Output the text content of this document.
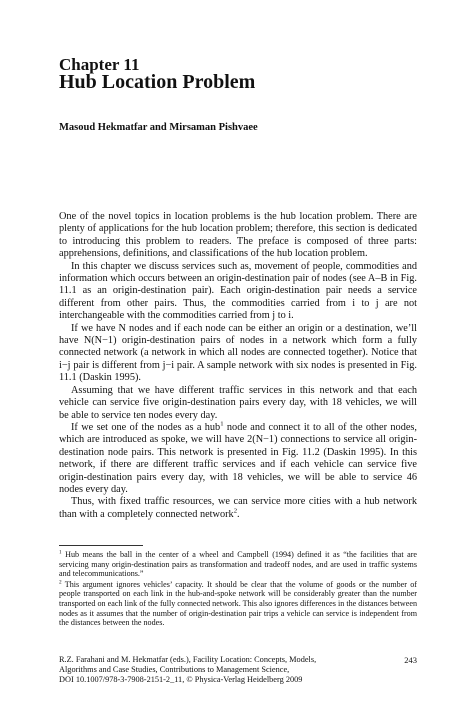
Chapter 11
Hub Location Problem
Masoud Hekmatfar and Mirsaman Pishvaee

One of the novel topics in location problems is the hub location problem. There are plenty of applications for the hub location problem; therefore, this section is dedicated to introducing this problem to readers. The preface is composed of three parts: apprehensions, definitions, and classifications of the hub location problem.

In this chapter we discuss services such as, movement of people, commodities and information which occurs between an origin-destination pair of nodes (see A–B in Fig. 11.1 as an origin-destination pair). Each origin-destination pair needs a service different from other pairs. Thus, the commodities carried from i to j are not interchangeable with the commodities carried from j to i.

If we have N nodes and if each node can be either an origin or a destination, we’ll have N(N−1) origin-destination pairs of nodes in a network which form a fully connected network (a network in which all nodes are connected together). Notice that i−j pair is different from j−i pair. A sample network with six nodes is presented in Fig. 11.1 (Daskin 1995).

Assuming that we have different traffic services in this network and that each vehicle can service five origin-destination pairs every day, with 18 vehicles, we will be able to service ten nodes every day.

If we set one of the nodes as a hub$^1$ node and connect it to all of the other nodes, which are introduced as spoke, we will have 2(N−1) connections to service all origin-destination node pairs. This network is presented in Fig. 11.2 (Daskin 1995). In this network, if there are different traffic services and if each vehicle can service five origin-destination pairs every day, with 18 vehicles, we will be able to service 46 nodes every day.

Thus, with fixed traffic resources, we can service more cities with a hub network than with a completely connected network$^2$.

$^1$ Hub means the ball in the center of a wheel and Campbell (1994) defined it as “the facilities that are servicing many origin-destination pairs as transformation and tradeoff nodes, and are used in traffic systems and telecommunications.”

$^2$ This argument ignores vehicles’ capacity. It should be clear that the volume of goods or the number of people transported on each link in the hub-and-spoke network will be considerably greater than the number transported on each link of the fully connected network. This also ignores differences in the distances between nodes as it assumes that the number of origin-destination pair trips a vehicle can service is independent from the distances between the nodes.

R.Z. Farahani and M. Hekmatfar (eds.), Facility Location: Concepts, Models,
Algorithms and Case Studies, Contributions to Management Science,
DOI 10.1007/978-3-7908-2151-2_11, © Physica-Verlag Heidelberg 2009
243
